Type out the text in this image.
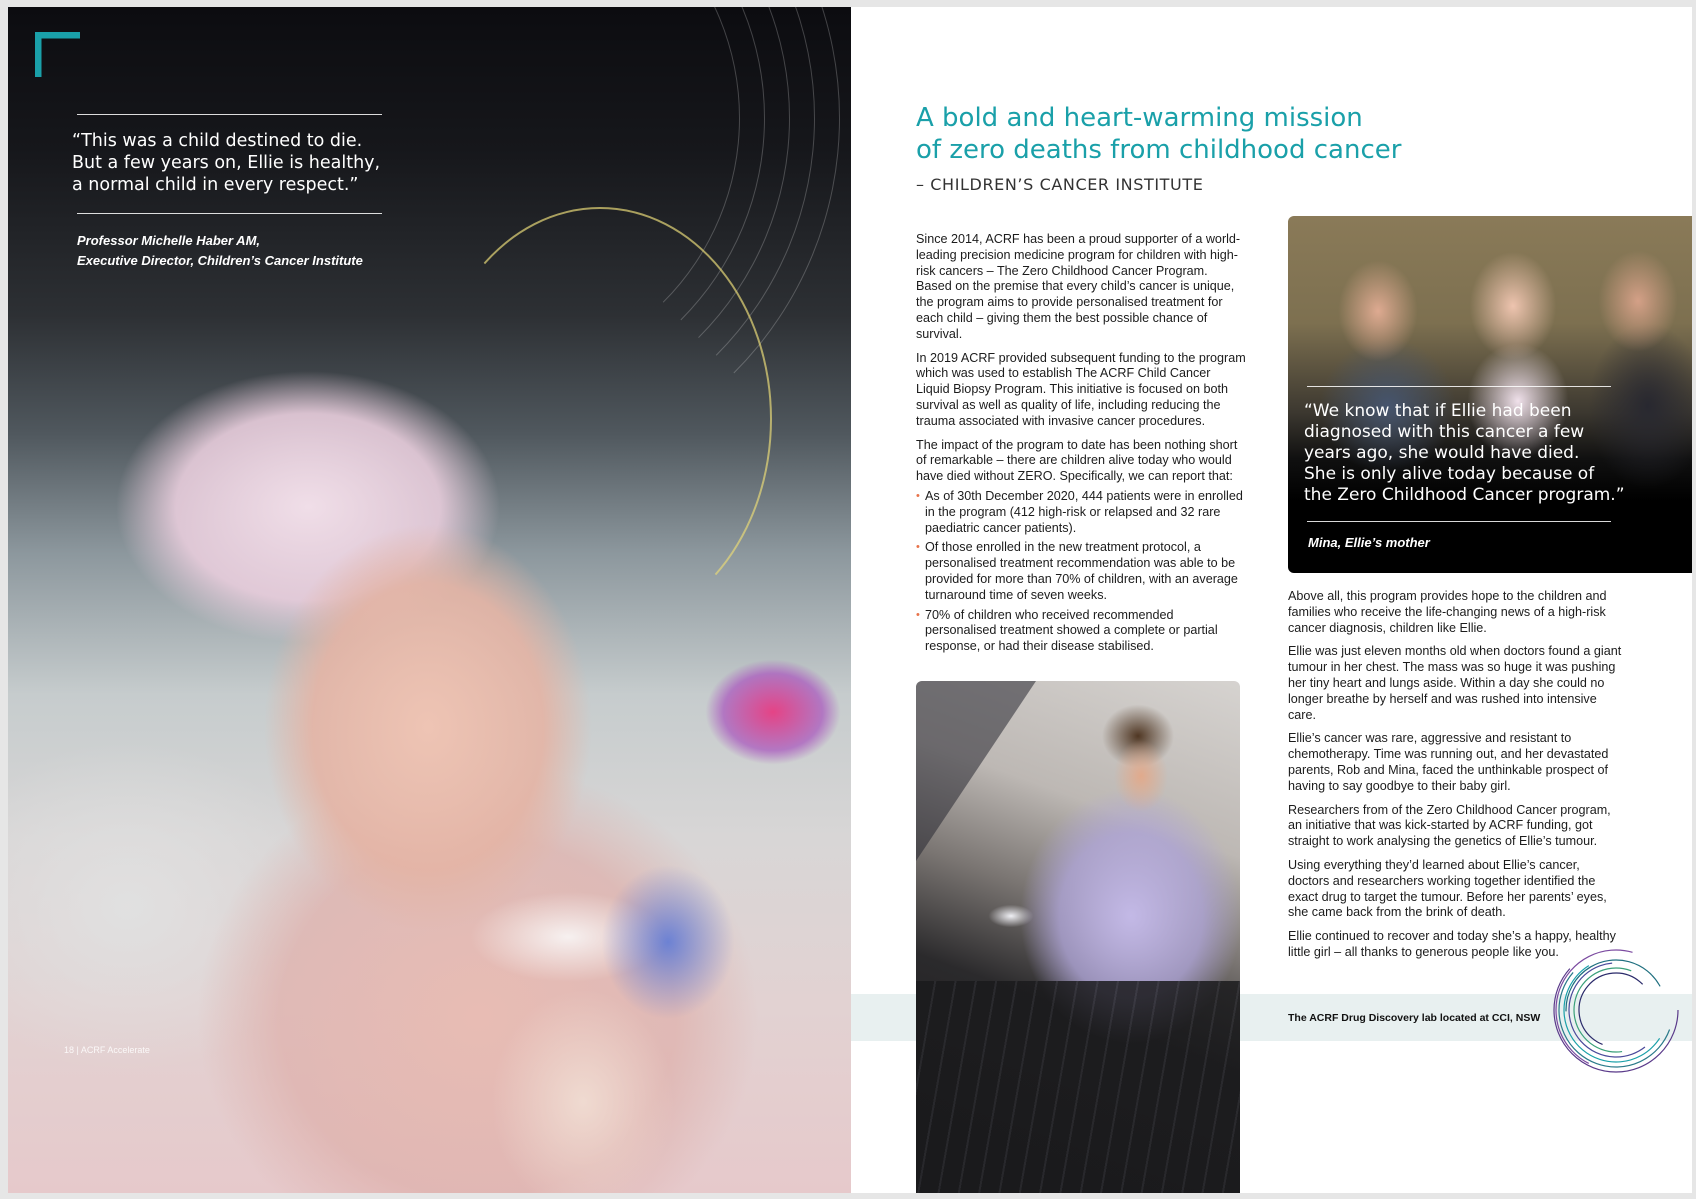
“This was a child destined to die.
But a few years on, Ellie is healthy,
a normal child in every respect.”

Professor Michelle Haber AM,
Executive Director, Children’s Cancer Institute
18 | ACRF Accelerate
A bold and heart-warming mission
of zero deaths from childhood cancer
– CHILDREN’S CANCER INSTITUTE

Since 2014, ACRF has been a proud supporter of a world-leading precision medicine program for children with high-risk cancers – The Zero Childhood Cancer Program. Based on the premise that every child’s cancer is unique, the program aims to provide personalised treatment for each child – giving them the best possible chance of survival.

In 2019 ACRF provided subsequent funding to the program which was used to establish The ACRF Child Cancer Liquid Biopsy Program. This initiative is focused on both survival as well as quality of life, including reducing the trauma associated with invasive cancer procedures.

The impact of the program to date has been nothing short of remarkable – there are children alive today who would have died without ZERO. Specifically, we can report that:

• As of 30th December 2020, 444 patients were in enrolled in the program (412 high-risk or relapsed and 32 rare paediatric cancer patients).
• Of those enrolled in the new treatment protocol, a personalised treatment recommendation was able to be provided for more than 70% of children, with an average turnaround time of seven weeks.
• 70% of children who received recommended personalised treatment showed a complete or partial response, or had their disease stabilised.

“We know that if Ellie had been
diagnosed with this cancer a few
years ago, she would have died.
She is only alive today because of
the Zero Childhood Cancer program.”

Mina, Ellie’s mother

Above all, this program provides hope to the children and families who receive the life-changing news of a high-risk cancer diagnosis, children like Ellie.

Ellie was just eleven months old when doctors found a giant tumour in her chest. The mass was so huge it was pushing her tiny heart and lungs aside. Within a day she could no longer breathe by herself and was rushed into intensive care.

Ellie’s cancer was rare, aggressive and resistant to chemotherapy. Time was running out, and her devastated parents, Rob and Mina, faced the unthinkable prospect of having to say goodbye to their baby girl.

Researchers from of the Zero Childhood Cancer program, an initiative that was kick-started by ACRF funding, got straight to work analysing the genetics of Ellie’s tumour.

Using everything they’d learned about Ellie’s cancer, doctors and researchers working together identified the exact drug to target the tumour. Before her parents’ eyes, she came back from the brink of death.

Ellie continued to recover and today she’s a happy, healthy little girl – all thanks to generous people like you.

The ACRF Drug Discovery lab located at CCI, NSW
